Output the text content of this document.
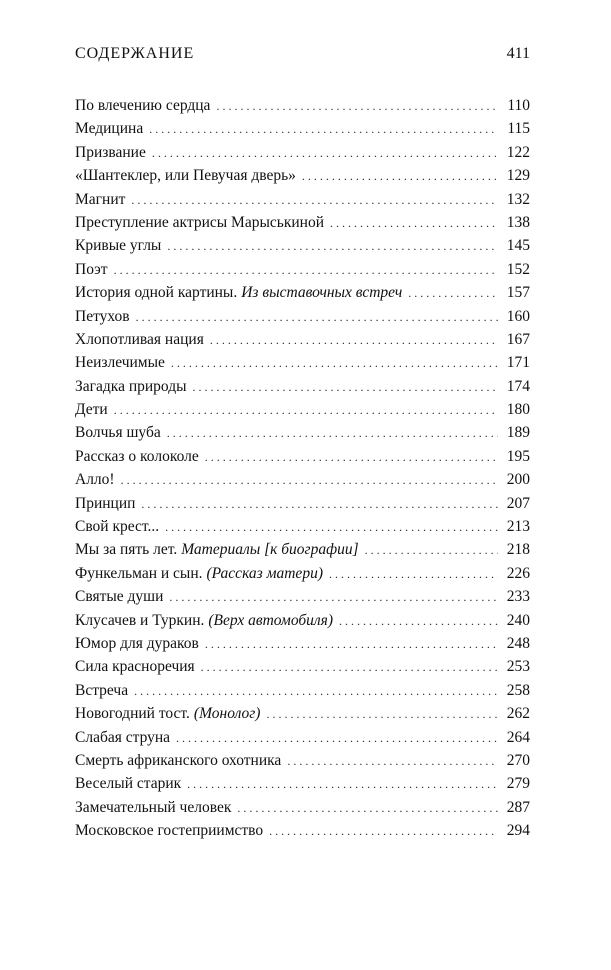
СОДЕРЖАНИЕ	411
По влечению сердца . . .	110
Медицина . . .	115
Призвание . . .	122
«Шантеклер, или Певучая дверь» . . .	129
Магнит . . .	132
Преступление актрисы Марыськиной . . .	138
Кривые углы . . .	145
Поэт . . .	152
История одной картины. Из выставочных встреч . . .	157
Петухов . . .	160
Хлопотливая нация . . .	167
Неизлечимые . . .	171
Загадка природы . . .	174
Дети . . .	180
Волчья шуба . . .	189
Рассказ о колоколе . . .	195
Алло! . . .	200
Принцип . . .	207
Свой крест... . . .	213
Мы за пять лет. Материалы [к биографии] . . .	218
Функельман и сын. (Рассказ матери) . . .	226
Святые души . . .	233
Клусачев и Туркин. (Верх автомобиля) . . .	240
Юмор для дураков . . .	248
Сила красноречия . . .	253
Встреча . . .	258
Новогодний тост. (Монолог) . . .	262
Слабая струна . . .	264
Смерть африканского охотника . . .	270
Веселый старик . . .	279
Замечательный человек . . .	287
Московское гостеприимство . . .	294
